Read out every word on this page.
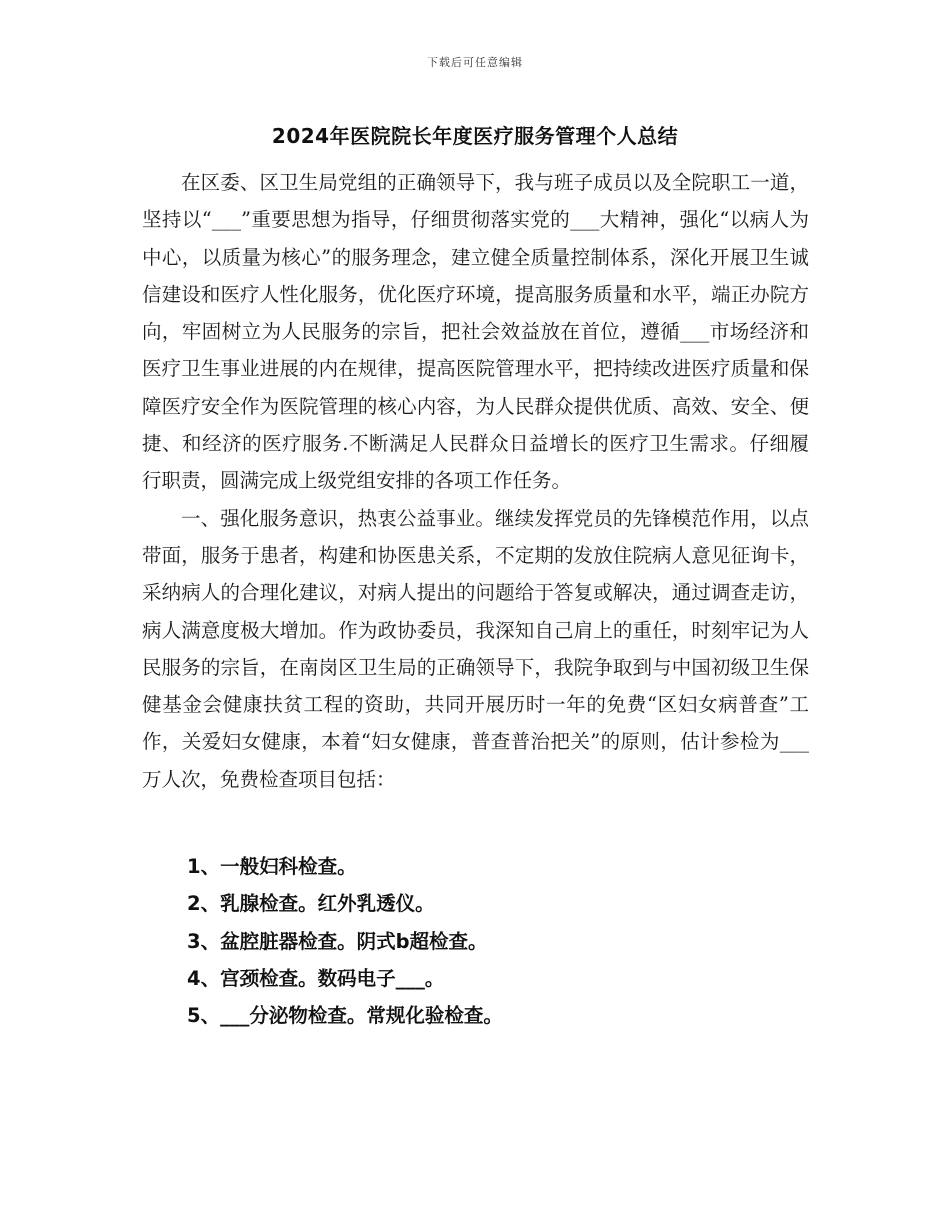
下载后可任意编辑
2024年医院院长年度医疗服务管理个人总结

在区委、区卫生局党组的正确领导下，我与班子成员以及全院职工一道，坚持以“___”重要思想为指导，仔细贯彻落实党的___大精神，强化“以病人为中心，以质量为核心”的服务理念，建立健全质量控制体系，深化开展卫生诚信建设和医疗人性化服务，优化医疗环境，提高服务质量和水平，端正办院方向，牢固树立为人民服务的宗旨，把社会效益放在首位，遵循___市场经济和医疗卫生事业进展的内在规律，提高医院管理水平，把持续改进医疗质量和保障医疗安全作为医院管理的核心内容，为人民群众提供优质、高效、安全、便捷、和经济的医疗服务.不断满足人民群众日益增长的医疗卫生需求。仔细履行职责，圆满完成上级党组安排的各项工作任务。

一、强化服务意识，热衷公益事业。继续发挥党员的先锋模范作用，以点带面，服务于患者，构建和协医患关系，不定期的发放住院病人意见征询卡，采纳病人的合理化建议，对病人提出的问题给于答复或解决，通过调查走访，病人满意度极大增加。作为政协委员，我深知自己肩上的重任，时刻牢记为人民服务的宗旨，在南岗区卫生局的正确领导下，我院争取到与中国初级卫生保健基金会健康扶贫工程的资助，共同开展历时一年的免费“区妇女病普查”工作，关爱妇女健康，本着“妇女健康，普查普治把关”的原则，估计参检为___万人次，免费检查项目包括：

1、一般妇科检查。
2、乳腺检查。红外乳透仪。
3、盆腔脏器检查。阴式b超检查。
4、宫颈检查。数码电子___。
5、___分泌物检查。常规化验检查。
